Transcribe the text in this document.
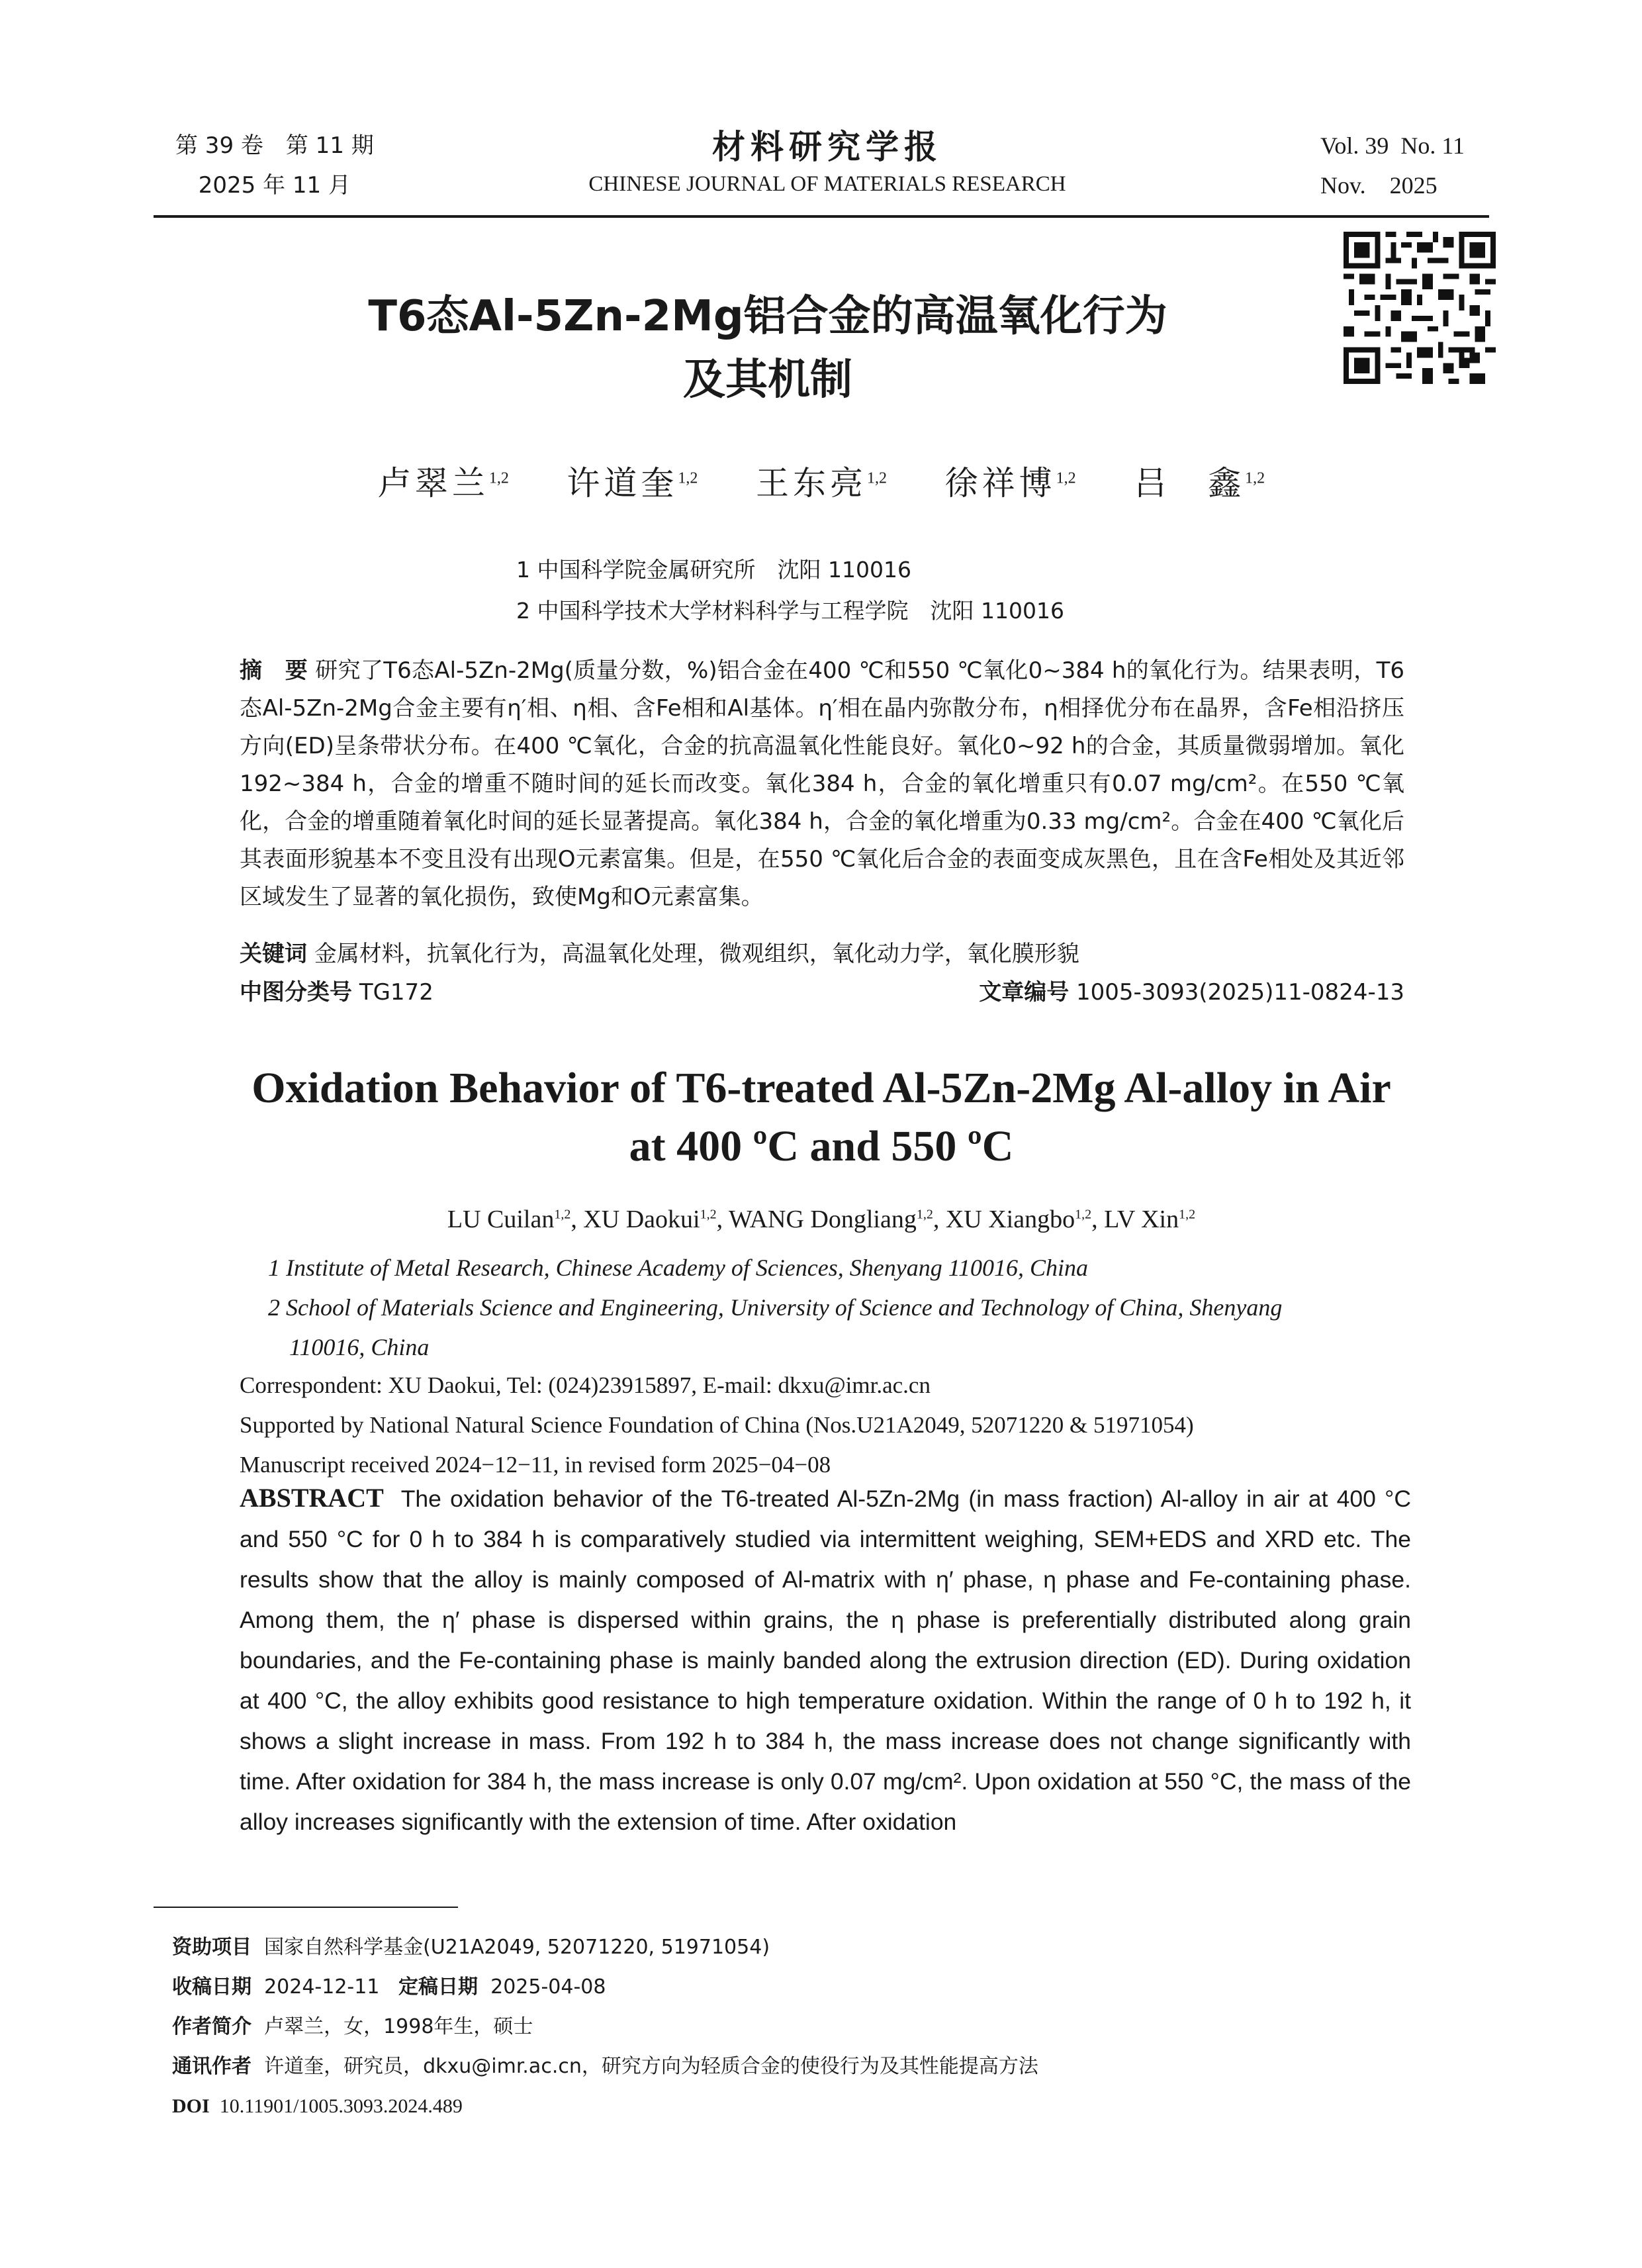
第 39 卷　第 11 期
2025 年 11 月
材料研究学报
CHINESE JOURNAL OF MATERIALS RESEARCH
Vol. 39  No. 11
Nov.    2025
T6态Al-5Zn-2Mg铝合金的高温氧化行为
及其机制
卢翠兰$^{1,2}$ 许道奎$^{1,2}$ 王东亮$^{1,2}$ 徐祥博$^{1,2}$ 吕　鑫$^{1,2}$
1 中国科学院金属研究所　沈阳 110016
2 中国科学技术大学材料科学与工程学院　沈阳 110016
摘　要 研究了T6态Al-5Zn-2Mg(质量分数，%)铝合金在400 ℃和550 ℃氧化0~384 h的氧化行为。结果表明，T6态Al-5Zn-2Mg合金主要有η′相、η相、含Fe相和Al基体。η′相在晶内弥散分布，η相择优分布在晶界，含Fe相沿挤压方向(ED)呈条带状分布。在400 ℃氧化，合金的抗高温氧化性能良好。氧化0~92 h的合金，其质量微弱增加。氧化192~384 h，合金的增重不随时间的延长而改变。氧化384 h，合金的氧化增重只有0.07 mg/cm²。在550 ℃氧化，合金的增重随着氧化时间的延长显著提高。氧化384 h，合金的氧化增重为0.33 mg/cm²。合金在400 ℃氧化后其表面形貌基本不变且没有出现O元素富集。但是，在550 ℃氧化后合金的表面变成灰黑色，且在含Fe相处及其近邻区域发生了显著的氧化损伤，致使Mg和O元素富集。
关键词 金属材料，抗氧化行为，高温氧化处理，微观组织，氧化动力学，氧化膜形貌
中图分类号 TG172	文章编号 1005-3093(2025)11-0824-13
Oxidation Behavior of T6-treated Al-5Zn-2Mg Al-alloy in Air
at 400 ºC and 550 ºC
LU Cuilan$^{1,2}$, XU Daokui$^{1,2}$, WANG Dongliang$^{1,2}$, XU Xiangbo$^{1,2}$, LV Xin$^{1,2}$
1 Institute of Metal Research, Chinese Academy of Sciences, Shenyang 110016, China
2 School of Materials Science and Engineering, University of Science and Technology of China, Shenyang
110016, China
Correspondent: XU Daokui, Tel: (024)23915897, E-mail: dkxu@imr.ac.cn
Supported by National Natural Science Foundation of China (Nos.U21A2049, 52071220 & 51971054)
Manuscript received 2024−12−11, in revised form 2025−04−08
ABSTRACT The oxidation behavior of the T6-treated Al-5Zn-2Mg (in mass fraction) Al-alloy in air at 400 °C and 550 °C for 0 h to 384 h is comparatively studied via intermittent weighing, SEM+EDS and XRD etc. The results show that the alloy is mainly composed of Al-matrix with η′ phase, η phase and Fe-containing phase. Among them, the η′ phase is dispersed within grains, the η phase is preferentially distributed along grain boundaries, and the Fe-containing phase is mainly banded along the extrusion direction (ED). During oxidation at 400 °C, the alloy exhibits good resistance to high temperature oxidation. Within the range of 0 h to 192 h, it shows a slight increase in mass. From 192 h to 384 h, the mass increase does not change significantly with time. After oxidation for 384 h, the mass increase is only 0.07 mg/cm². Upon oxidation at 550 °C, the mass of the alloy increases significantly with the extension of time. After oxidation
资助项目 国家自然科学基金(U21A2049, 52071220, 51971054)
收稿日期 2024-12-11 定稿日期 2025-04-08
作者简介 卢翠兰，女，1998年生，硕士
通讯作者 许道奎，研究员，dkxu@imr.ac.cn，研究方向为轻质合金的使役行为及其性能提高方法
DOI 10.11901/1005.3093.2024.489
